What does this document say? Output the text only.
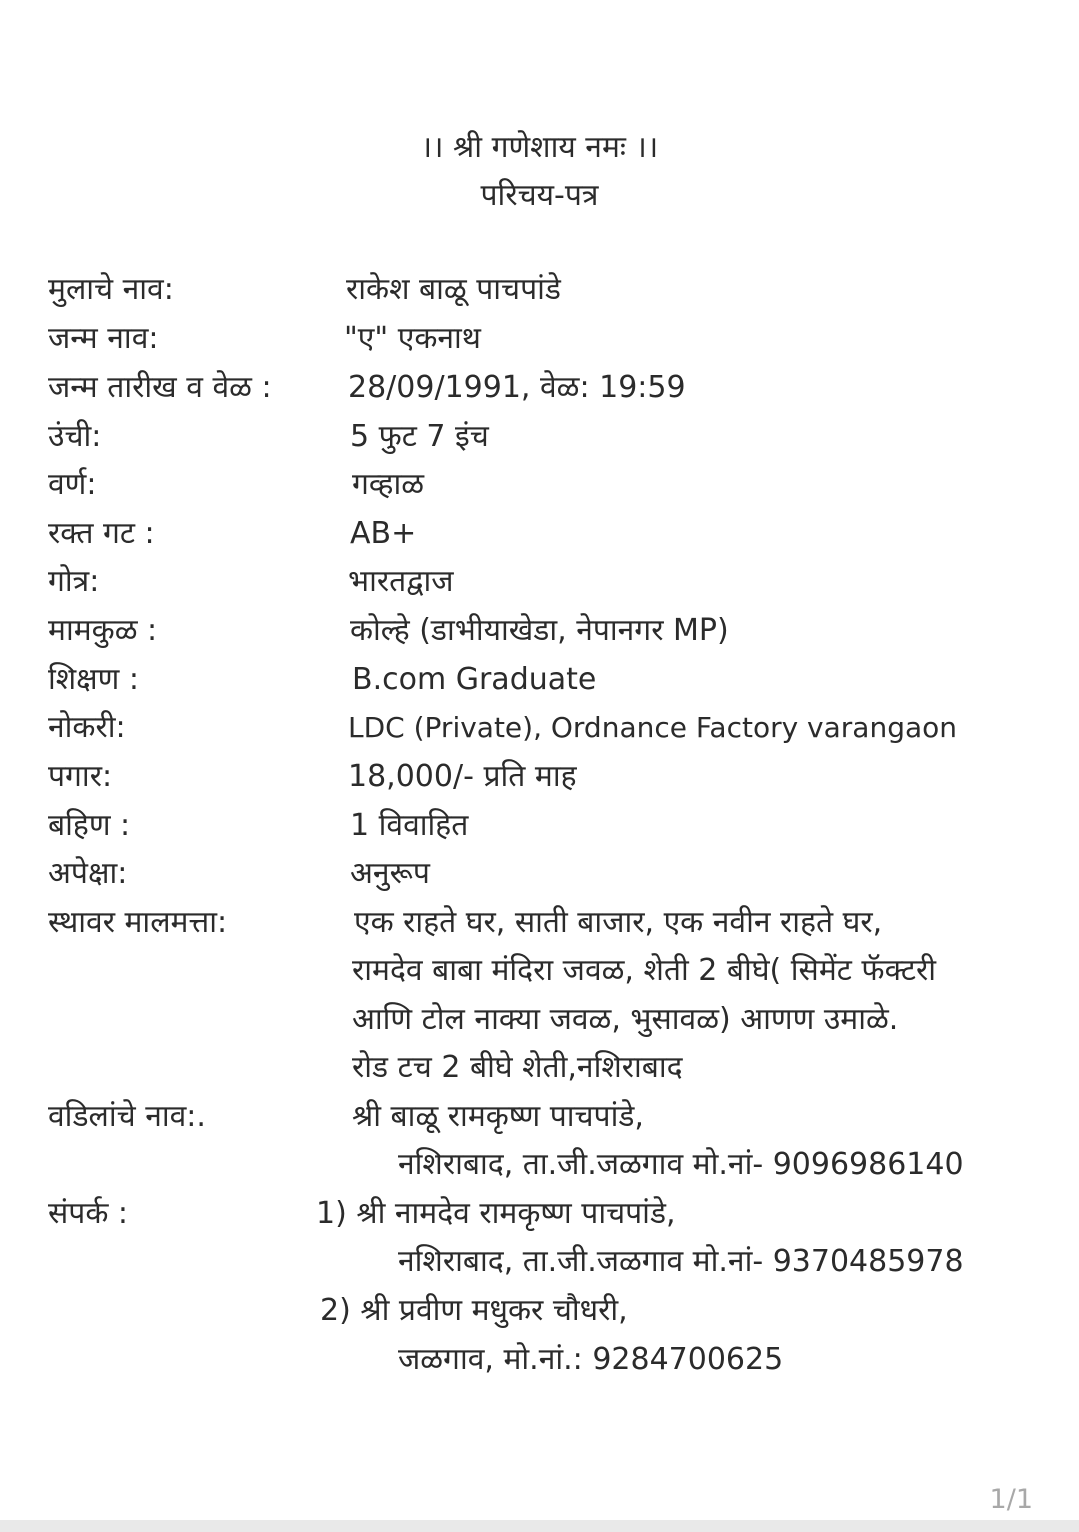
।। श्री गणेशाय नमः ।।
परिचय-पत्र
मुलाचे नाव:	राकेश बाळू पाचपांडे
जन्म नाव:	"ए" एकनाथ
जन्म तारीख व वेळ :	28/09/1991, वेळ: 19:59
उंची:	5 फुट 7 इंच
वर्ण:	गव्हाळ
रक्त गट :	AB+
गोत्र:	भारतद्वाज
मामकुळ :	कोल्हे (डाभीयाखेडा, नेपानगर MP)
शिक्षण :	B.com Graduate
नोकरी:	LDC (Private), Ordnance Factory varangaon
पगार:	18,000/- प्रति माह
बहिण :	1 विवाहित
अपेक्षा:	अनुरूप
स्थावर मालमत्ता:	एक राहते घर, साती बाजार, एक नवीन राहते घर,
रामदेव बाबा मंदिरा जवळ, शेती 2 बीघे( सिमेंट फॅक्टरी
आणि टोल नाक्या जवळ, भुसावळ) आणण उमाळे.
रोड टच 2 बीघे शेती,नशिराबाद
वडिलांचे नाव:.	श्री बाळू रामकृष्ण पाचपांडे,
नशिराबाद, ता.जी.जळगाव मो.नां- 9096986140
संपर्क :	1) श्री नामदेव रामकृष्ण पाचपांडे,
नशिराबाद, ता.जी.जळगाव मो.नां- 9370485978
2) श्री प्रवीण मधुकर चौधरी,
जळगाव, मो.नां.: 9284700625
1/1
